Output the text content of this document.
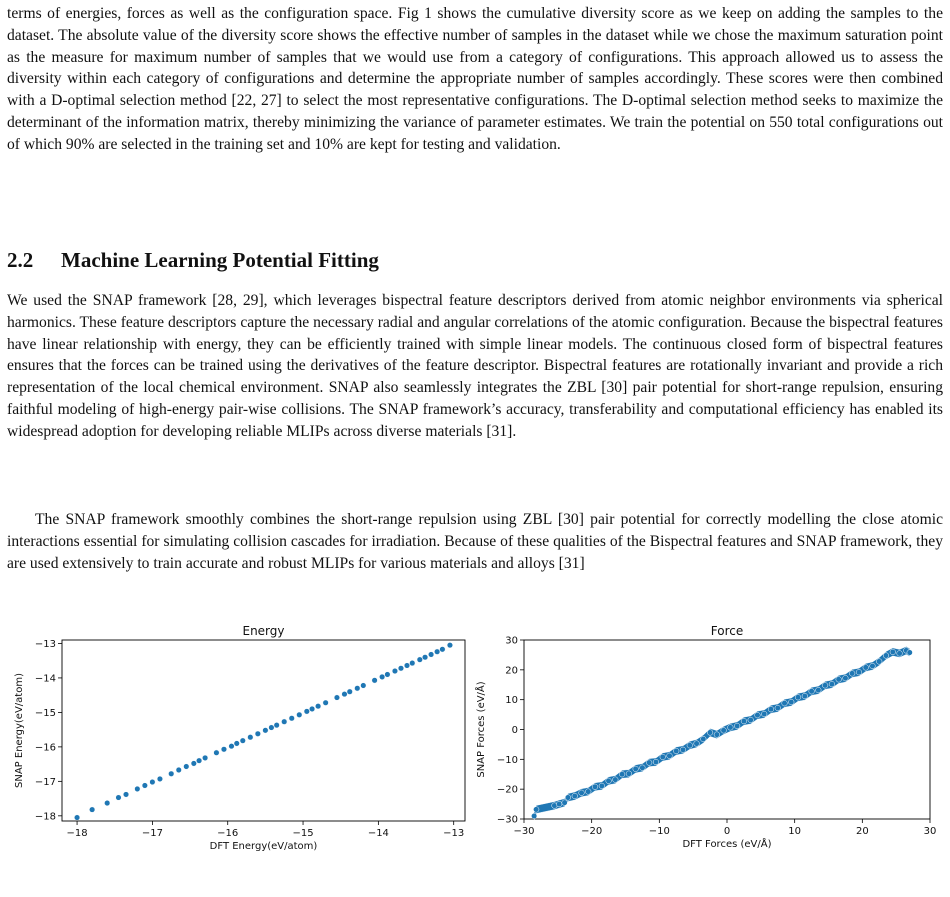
terms of energies, forces as well as the configuration space. Fig 1 shows the cumulative diversity score as we keep on adding the samples to the dataset. The absolute value of the diversity score shows the effective number of samples in the dataset while we chose the maximum saturation point as the measure for maximum number of samples that we would use from a category of configurations. This approach allowed us to assess the diversity within each category of configurations and determine the appropriate number of samples accordingly. These scores were then combined with a D-optimal selection method [22, 27] to select the most representative configurations. The D-optimal selection method seeks to maximize the determinant of the information matrix, thereby minimizing the variance of parameter estimates. We train the potential on 550 total configurations out of which 90% are selected in the training set and 10% are kept for testing and validation.

2.2 Machine Learning Potential Fitting

We used the SNAP framework [28, 29], which leverages bispectral feature descriptors derived from atomic neighbor environments via spherical harmonics. These feature descriptors capture the necessary radial and angular correlations of the atomic configuration. Because the bispectral features have linear relationship with energy, they can be efficiently trained with simple linear models. The continuous closed form of bispectral features ensures that the forces can be trained using the derivatives of the feature descriptor. Bispectral features are rotationally invariant and provide a rich representation of the local chemical environment. SNAP also seamlessly integrates the ZBL [30] pair potential for short-range repulsion, ensuring faithful modeling of high-energy pair-wise collisions. The SNAP framework’s accuracy, transferability and computational efficiency has enabled its widespread adoption for developing reliable MLIPs across diverse materials [31].

The SNAP framework smoothly combines the short-range repulsion using ZBL [30] pair potential for correctly modelling the close atomic interactions essential for simulating collision cascades for irradiation. Because of these qualities of the Bispectral features and SNAP framework, they are used extensively to train accurate and robust MLIPs for various materials and alloys [31]

Energy
−18	−17	−16	−15	−14	−13
−18
−17
−16
−15
−14
−13
DFT Energy(eV/atom)
SNAP Energy(eV/atom)
Force
−30	−20	−10	0	10	20	30
−30
−20
−10
0
10
20
30
DFT Forces (eV/Å)
SNAP Forces (eV/Å)
